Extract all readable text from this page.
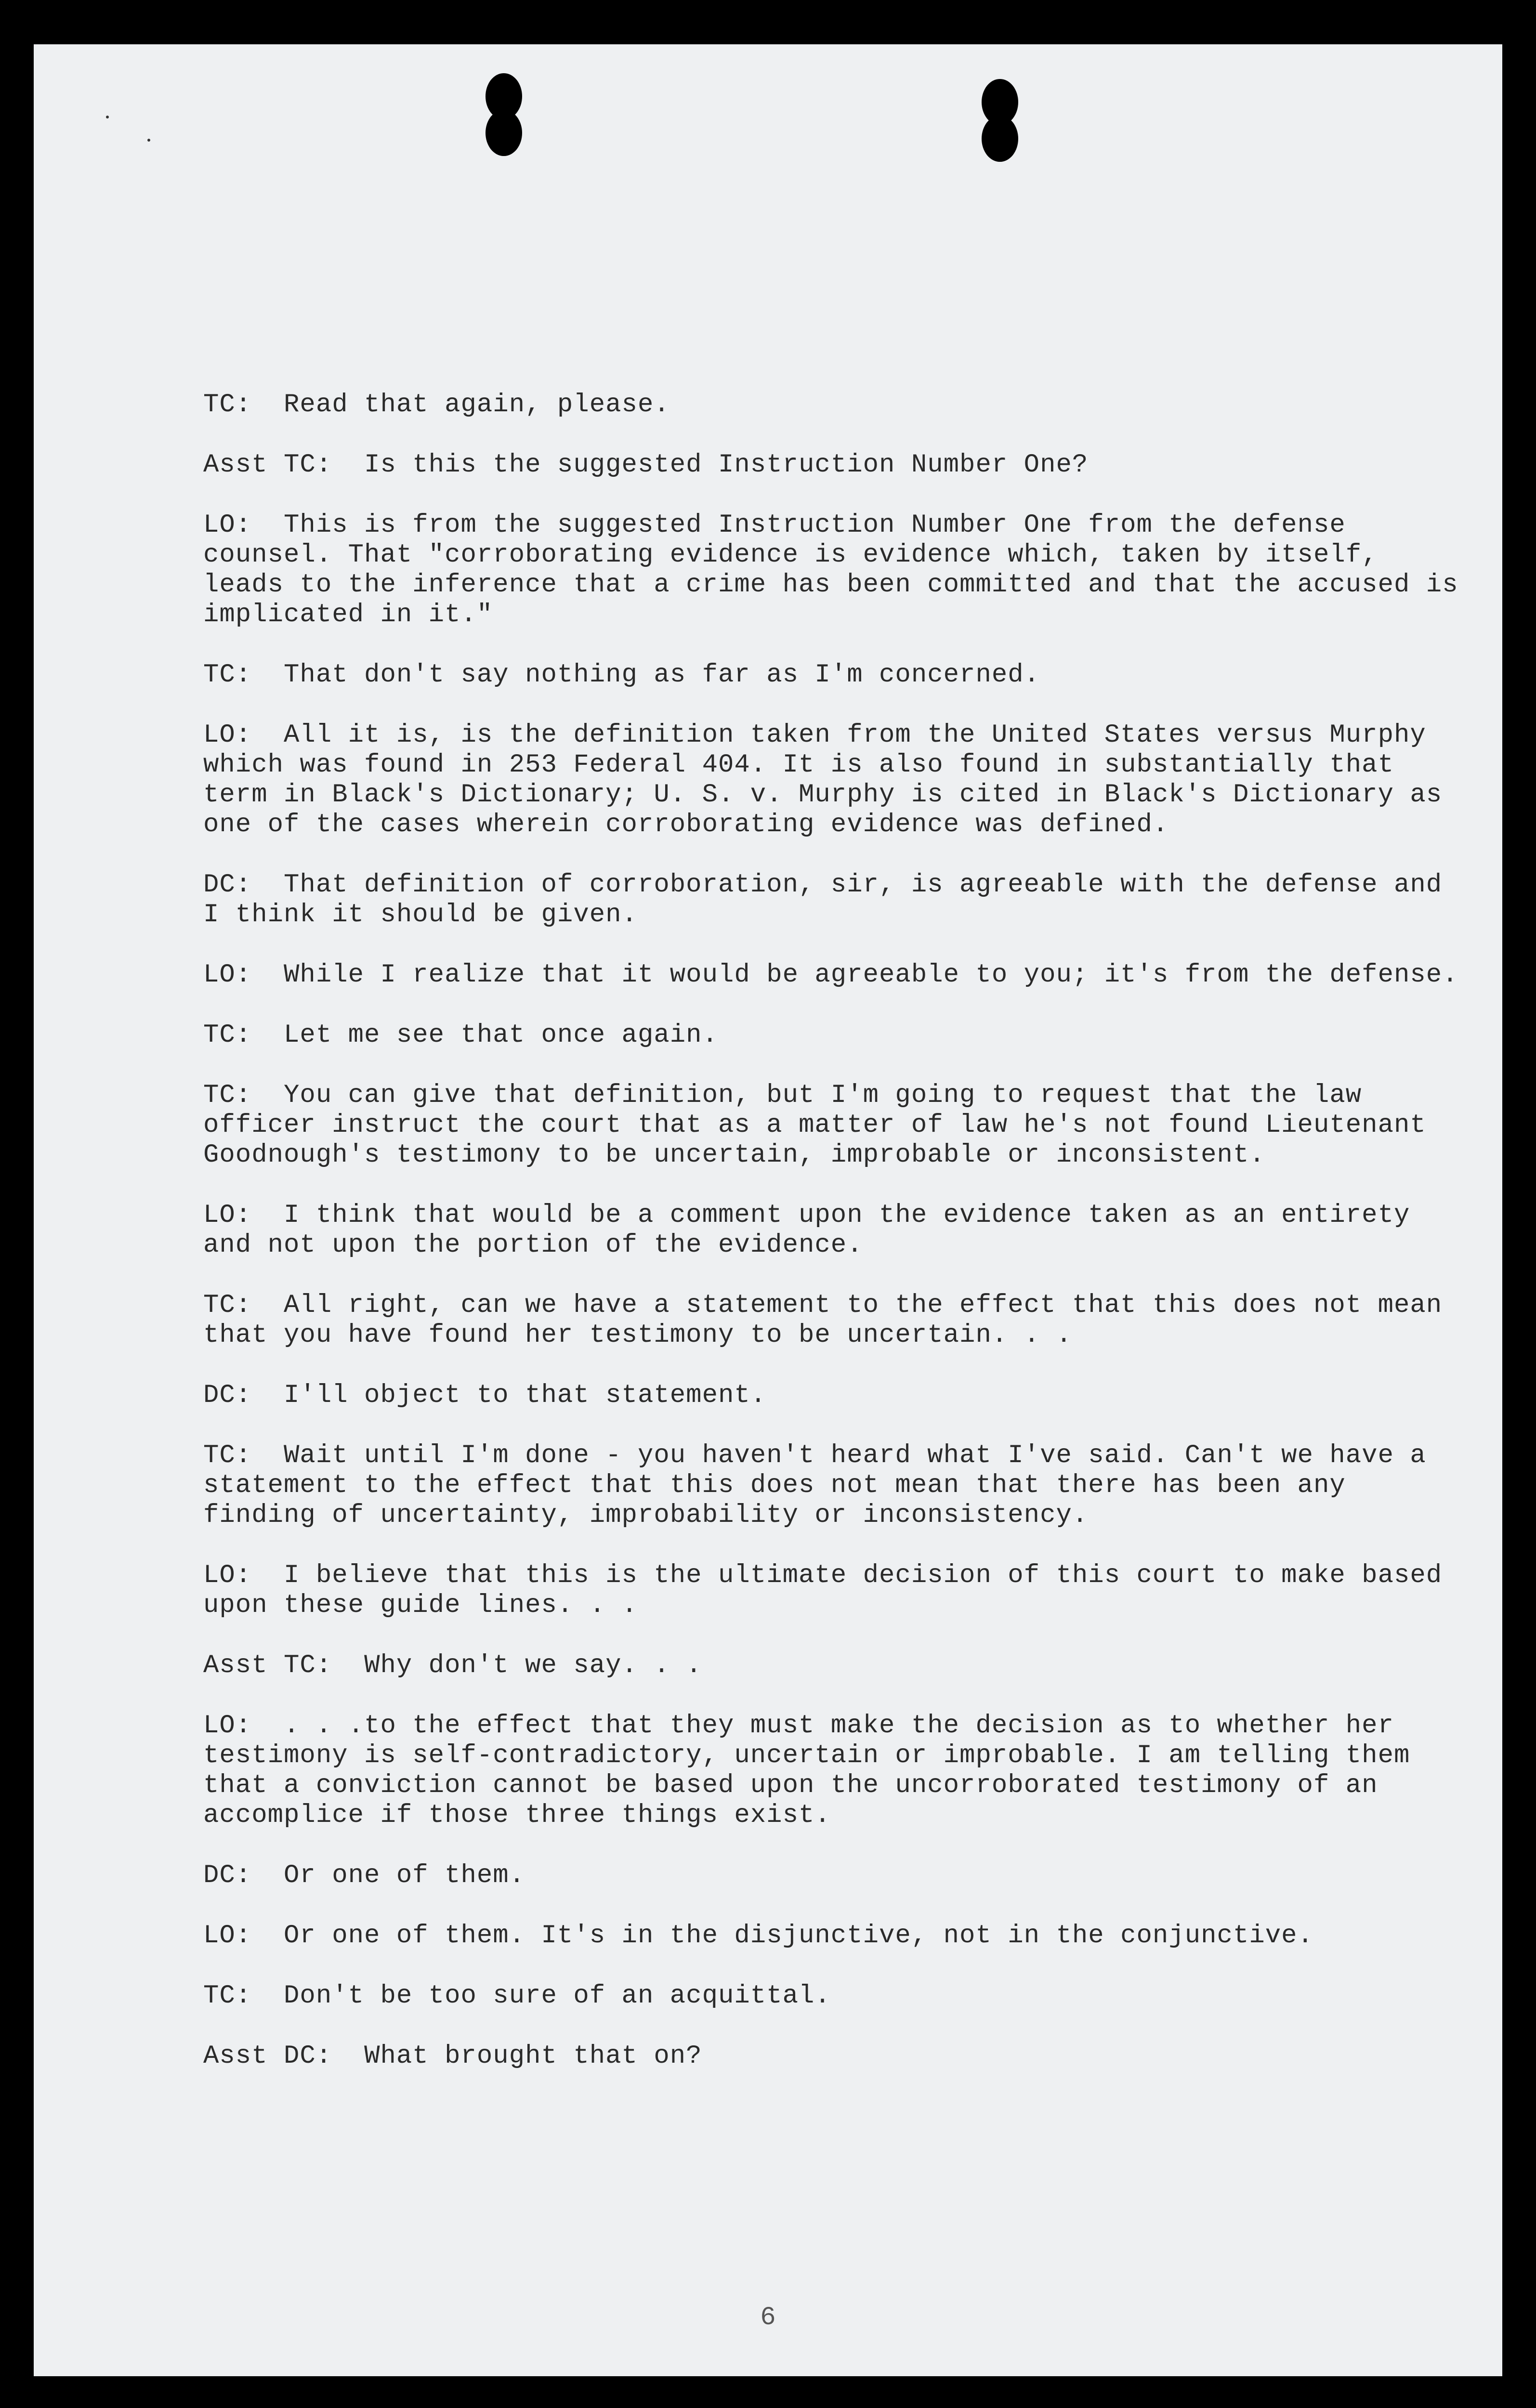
TC:  Read that again, please.
Asst TC:  Is this the suggested Instruction Number One?
LO:  This is from the suggested Instruction Number One from the defense counsel. That "corroborating evidence is evidence which, taken by itself, leads to the inference that a crime has been committed and that the accused is implicated in it."
TC:  That don't say nothing as far as I'm concerned.
LO:  All it is, is the definition taken from the United States versus Murphy which was found in 253 Federal 404. It is also found in substantially that term in Black's Dictionary; U. S. v. Murphy is cited in Black's Dictionary as one of the cases wherein corroborating evidence was defined.
DC:  That definition of corroboration, sir, is agreeable with the defense and I think it should be given.
LO:  While I realize that it would be agreeable to you; it's from the defense.
TC:  Let me see that once again.
TC:  You can give that definition, but I'm going to request that the law officer instruct the court that as a matter of law he's not found Lieutenant Goodnough's testimony to be uncertain, improbable or inconsistent.
LO:  I think that would be a comment upon the evidence taken as an entirety and not upon the portion of the evidence.
TC:  All right, can we have a statement to the effect that this does not mean that you have found her testimony to be uncertain. . .
DC:  I'll object to that statement.
TC:  Wait until I'm done - you haven't heard what I've said. Can't we have a statement to the effect that this does not mean that there has been any finding of uncertainty, improbability or inconsistency.
LO:  I believe that this is the ultimate decision of this court to make based upon these guide lines. . .
Asst TC:  Why don't we say. . .
LO:  . . .to the effect that they must make the decision as to whether her testimony is self-contradictory, uncertain or improbable. I am telling them that a conviction cannot be based upon the uncorroborated testimony of an accomplice if those three things exist.
DC:  Or one of them.
LO:  Or one of them. It's in the disjunctive, not in the conjunctive.
TC:  Don't be too sure of an acquittal.
Asst DC:  What brought that on?
6
